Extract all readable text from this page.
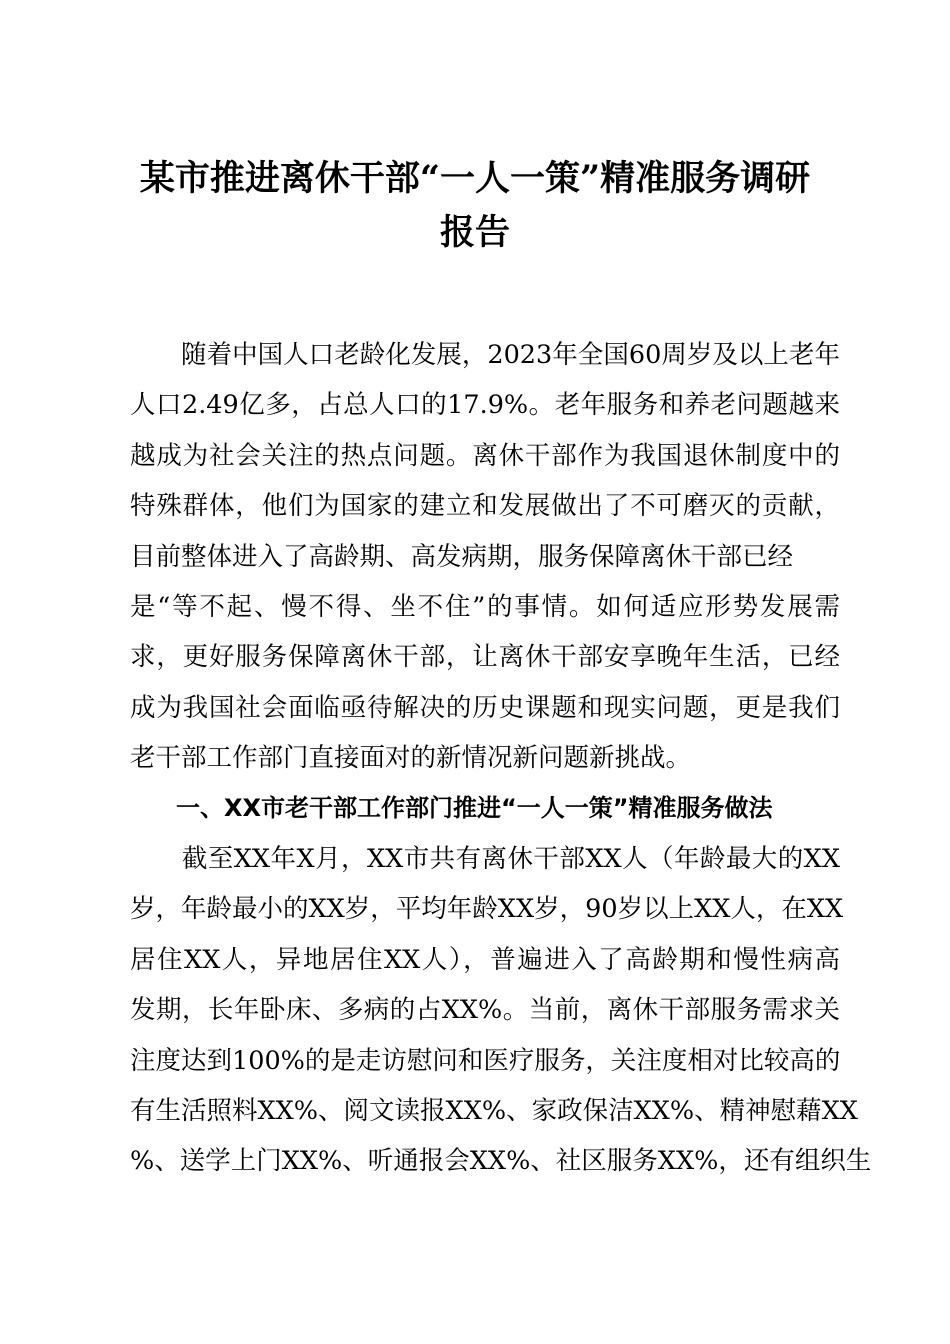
某市推进离休干部“一人一策”精准服务调研
报告
　　随着中国人口老龄化发展，2023年全国60周岁及以上老年
人口2.49亿多，占总人口的17.9%。老年服务和养老问题越来
越成为社会关注的热点问题。离休干部作为我国退休制度中的
特殊群体，他们为国家的建立和发展做出了不可磨灭的贡献，
目前整体进入了高龄期、高发病期，服务保障离休干部已经
是“等不起、慢不得、坐不住”的事情。如何适应形势发展需
求，更好服务保障离休干部，让离休干部安享晚年生活，已经
成为我国社会面临亟待解决的历史课题和现实问题，更是我们
老干部工作部门直接面对的新情况新问题新挑战。
一、XX市老干部工作部门推进“一人一策”精准服务做法
　　截至XX年X月，XX市共有离休干部XX人（年龄最大的XX
岁，年龄最小的XX岁，平均年龄XX岁，90岁以上XX人，在XX
居住XX人，异地居住XX人），普遍进入了高龄期和慢性病高
发期，长年卧床、多病的占XX%。当前，离休干部服务需求关
注度达到100%的是走访慰问和医疗服务，关注度相对比较高的
有生活照料XX%、阅文读报XX%、家政保洁XX%、精神慰藉XX
%、送学上门XX%、听通报会XX%、社区服务XX%，还有组织生
